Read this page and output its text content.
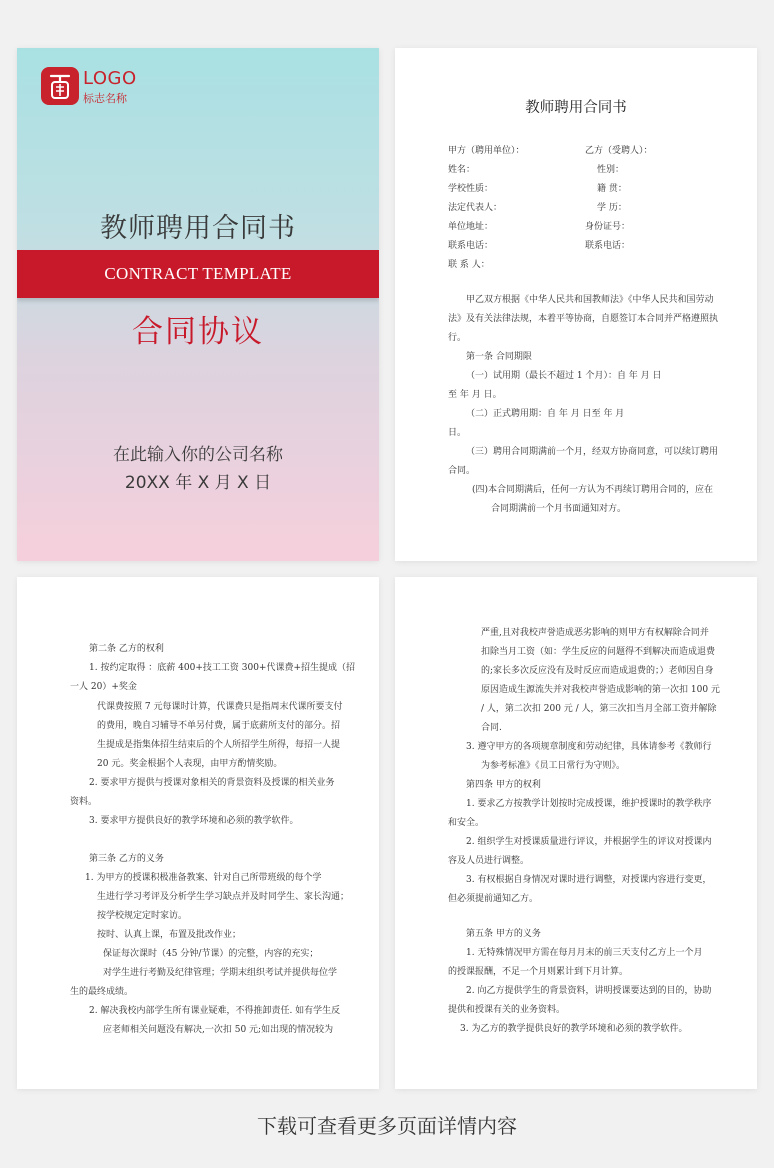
LOGO
标志名称
教师聘用合同书
CONTRACT TEMPLATE
合同协议
在此输入你的公司名称
20XX 年 X 月 X 日
教师聘用合同书
甲方（聘用单位）：
姓名：
学校性质：
法定代表人：
单位地址：
联系电话：
联 系 人：
乙方（受聘人）：
性别：
籍 贯：
学 历：
身份证号：
联系电话：
甲乙双方根据《中华人民共和国教师法》《中华人民共和国劳动
法》及有关法律法规，本着平等协商，自愿签订本合同并严格遵照执
行。
第一条 合同期限
（一）试用期（最长不超过 1 个月）：自 年 月 日
至 年 月 日。
（二）正式聘用期：自 年 月 日至 年 月
日。
（三）聘用合同期满前一个月，经双方协商同意，可以续订聘用
合同。
(四)本合同期满后，任何一方认为不再续订聘用合同的，应在
合同期满前一个月书面通知对方。
第二条 乙方的权利
1. 按约定取得 ：底薪 400+技工工资 300+代课费+招生提成（招
一人 20）+奖金
代课费按照 7 元每课时计算，代课费只是指周末代课所要支付
的费用，晚自习辅导不单另付费，属于底薪所支付的部分。招
生提成是指集体招生结束后的个人所招学生所得，每招一人提
20 元。奖金根据个人表现，由甲方酌情奖励。
2. 要求甲方提供与授课对象相关的背景资料及授课的相关业务
资料。
3. 要求甲方提供良好的教学环境和必须的教学软件。
第三条 乙方的义务
1. 为甲方的授课积极准备教案、针对自己所带班级的每个学
生进行学习考评及分析学生学习缺点并及时同学生、家长沟通；
按学校规定定时家访。
按时、认真上课，布置及批改作业；
保证每次课时（45 分钟/节课）的完整，内容的充实；
对学生进行考勤及纪律管理；学期末组织考试并提供每位学
生的最终成绩。
2. 解决我校内部学生所有课业疑难，不得推卸责任. 如有学生反
应老师相关问题没有解决,一次扣 50 元;如出现的情况较为
严重,且对我校声誉造成恶劣影响的则甲方有权解除合同并
扣除当月工资（如：学生反应的问题得不到解决而造成退费
的;家长多次反应没有及时反应而造成退费的；）老师因自身
原因造成生源流失并对我校声誉造成影响的第一次扣 100 元
/ 人，第二次扣 200 元 / 人，第三次扣当月全部工资并解除
合同.
3. 遵守甲方的各项规章制度和劳动纪律，具体请参考《教师行
为参考标准》《员工日常行为守则》。
第四条 甲方的权利
1. 要求乙方按教学计划按时完成授课，维护授课时的教学秩序
和安全。
2. 组织学生对授课质量进行评议，并根据学生的评议对授课内
容及人员进行调整。
3. 有权根据自身情况对课时进行调整，对授课内容进行变更，
但必须提前通知乙方。
第五条 甲方的义务
1. 无特殊情况甲方需在每月月末的前三天支付乙方上一个月
的授课报酬，不足一个月则累计到下月计算。
2. 向乙方提供学生的背景资料，讲明授课要达到的目的，协助
提供和授课有关的业务资料。
3. 为乙方的教学提供良好的教学环境和必须的教学软件。
下载可查看更多页面详情内容
